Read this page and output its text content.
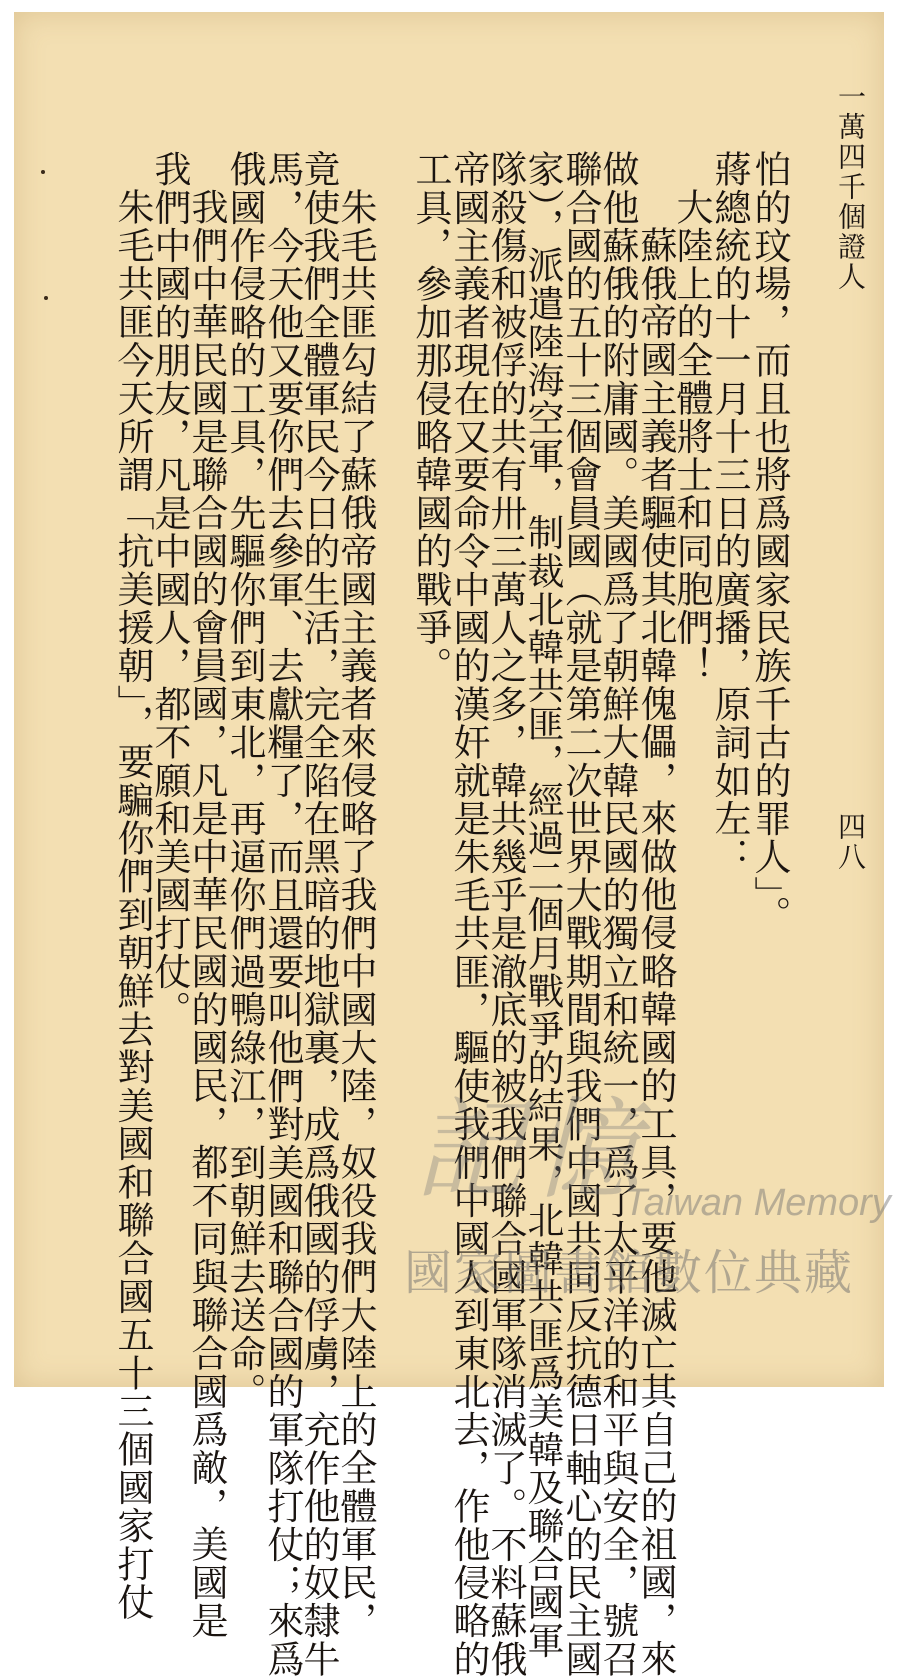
一萬四千個證人
四八
怕的玟場，而且也將爲國家民族千古的罪人」。
蔣總統的十一月十三日的廣播，原詞如左：
大陸上的全體將士和同胞們！
蘇俄帝國主義者驅使其北韓傀儡，來做他侵略韓國的工具，要他滅亡其自己的祖國，來
做他蘇俄的附庸國。美國爲了朝鮮大韓民國的獨立和統一，爲了太平洋的和平與安全，號召
聯合國的五十三個會員國（就是第二次世界大戰期間與我們中國共同反抗德日軸心的民主國
家），派遣陸海空軍，制裁北韓共匪，經過二個月戰爭的結果，北韓共匪爲美韓及聯合國軍
隊殺傷和被俘的共有卅三萬人之多，韓共幾乎是澈底的被我們聯合國軍隊消滅了。不料蘇俄
帝國主義者現在又要命令中國的漢奸就是朱毛共匪，驅使我們中國人到東北去，作他侵略的
工具，參加那侵略韓國的戰爭。
朱毛共匪勾結了蘇俄帝國主義者來侵略了我們中國大陸，奴役我們大陸上的全體軍民，
竟使我們全體軍民今日的生活，完全陷在黑暗的地獄裏，成爲俄國的俘虜，充作他的奴隸牛
馬，今天他又要你們去參軍、去獻糧了，而且還要叫他們對美國和聯合國的軍隊打仗；來爲
俄國作侵略的工具，先驅你們到東北，再逼你們過鴨綠江，到朝鮮去送命。
我們中華民國是聯合國的會員國，凡是中華民國的國民，都不同與聯合國爲敵，美國是
我們中國的朋友，凡是中國人，都不願和美國打仗。
朱毛共匪今天所謂「抗美援朝」，要騙你們到朝鮮去對美國和聯合國五十三個國家打仗 記憶
Taiwan Memory
國家圖書館數位典藏
